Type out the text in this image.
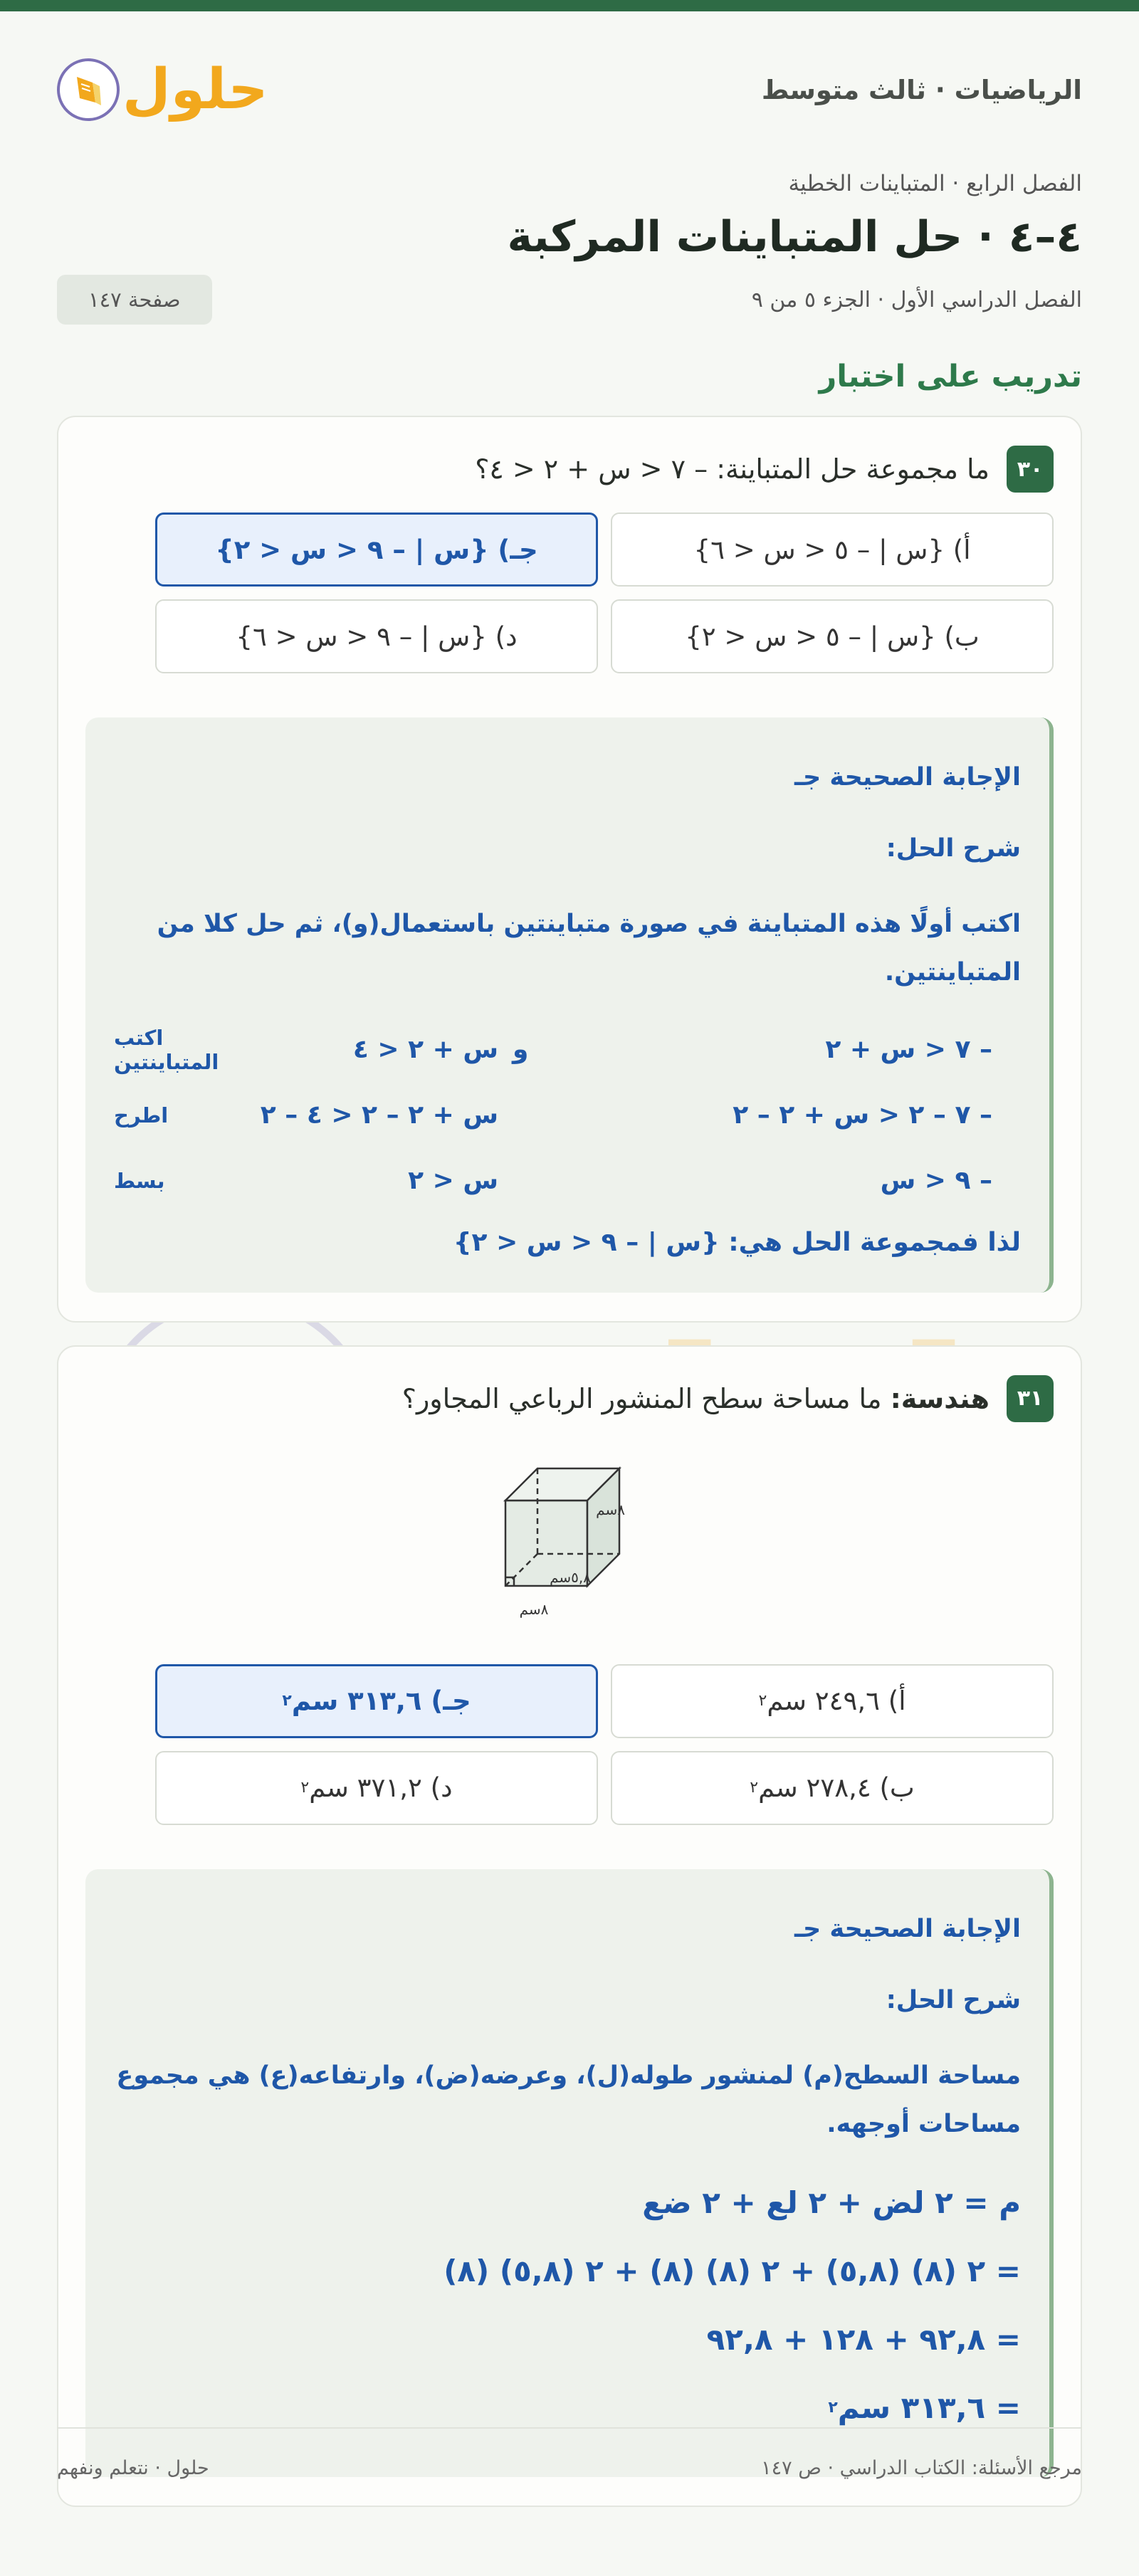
الرياضيات · ثالث متوسط
حلول
الفصل الرابع · المتباينات الخطية
٤–٤ · حل المتباينات المركبة
الفصل الدراسي الأول · الجزء ٥ من ٩
صفحة ١٤٧
تدريب على اختبار
٣٠
ما مجموعة حل المتباينة: – ٧ < س + ٢ < ٤؟
أ) {س | – ٥ < س < ٦}
جـ) {س | – ٩ < س < ٢}
ب) {س | – ٥ < س < ٢}
د) {س | – ٩ < س < ٦}
الإجابة الصحيحة جـ
شرح الحل:
اكتب أولًا هذه المتباينة في صورة متباينتين باستعمال(و)، ثم حل كلا من المتباينتين.
– ٧ < س + ٢
و
س + ٢ < ٤
اكتب المتباينتين
– ٧ – ٢ < س + ٢ – ٢
س + ٢ – ٢ < ٤ – ٢
اطرح
– ٩ < س
س < ٢
بسط
لذا فمجموعة الحل هي: {س | – ٩ < س < ٢}
٣١
هندسة: ما مساحة سطح المنشور الرباعي المجاور؟
٨سم
٥,٨سم
٨سم
أ) ٢٤٩,٦ سم
٢
جـ) ٣١٣,٦ سم
٢
ب) ٢٧٨,٤ سم
٢
د) ٣٧١,٢ سم
٢
الإجابة الصحيحة جـ
شرح الحل:
مساحة السطح(م) لمنشور طوله(ل)، وعرضه(ض)، وارتفاعه(ع) هي مجموع مساحات أوجهه.
م = ٢ لض + ٢ لع + ٢ ضع
= ٢ (٨) (٥,٨) + ٢ (٨) (٨) + ٢ (٥,٨) (٨)
= ٩٢,٨ + ١٢٨ + ٩٢,٨
= ٣١٣,٦ سم
٢
مرجع الأسئلة: الكتاب الدراسي · ص ١٤٧
حلول · نتعلم ونفهم
